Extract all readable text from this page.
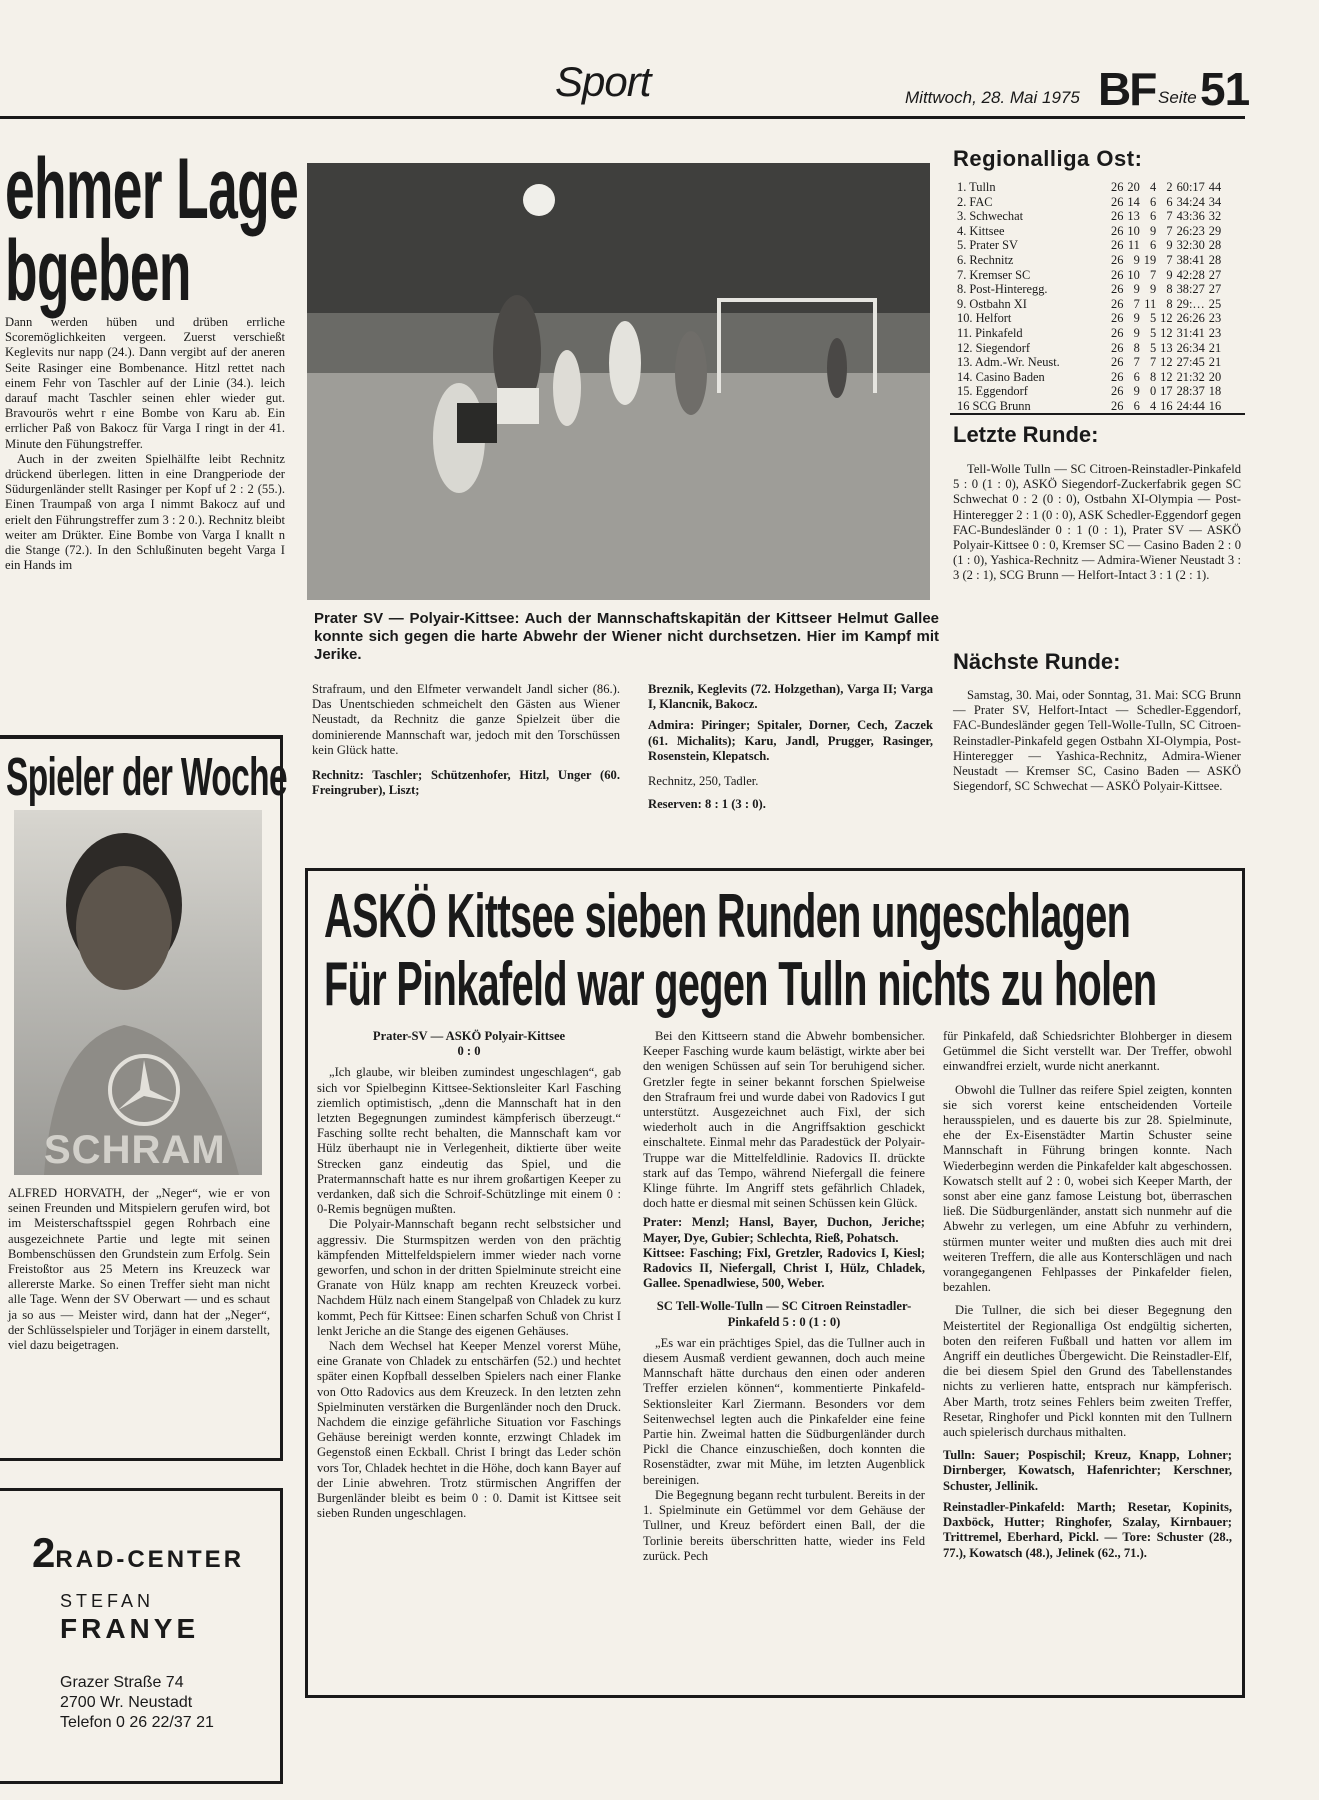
Sport	Mittwoch, 28. Mai 1975 BF Seite 51
ehmer Lage
bgeben

Dann werden hüben und drüben errliche Scoremöglichkeiten vergeen. Zuerst verschießt Keglevits nur napp (24.). Dann vergibt auf der aneren Seite Rasinger eine Bombenance. Hitzl rettet nach einem Fehr von Taschler auf der Linie (34.). leich darauf macht Taschler seinen ehler wieder gut. Bravourös wehrt r eine Bombe von Karu ab. Ein errlicher Paß von Bakocz für Varga I ringt in der 41. Minute den Fühungstreffer.

Auch in der zweiten Spielhälfte leibt Rechnitz drückend überlegen. litten in eine Drangperiode der Südurgenländer stellt Rasinger per Kopf uf 2 : 2 (55.). Einen Traumpaß von arga I nimmt Bakocz auf und erielt den Führungstreffer zum 3 : 2 0.). Rechnitz bleibt weiter am Drükter. Eine Bombe von Varga I knallt n die Stange (72.). In den Schlußinuten begeht Varga I ein Hands im

Spieler der Woche
SCHRAM
ALFRED HORVATH, der „Neger“, wie er von seinen Freunden und Mitspielern gerufen wird, bot im Meisterschaftsspiel gegen Rohrbach eine ausgezeichnete Partie und legte mit seinen Bombenschüssen den Grundstein zum Erfolg. Sein Freistoßtor aus 25 Metern ins Kreuzeck war allererste Marke. So einen Treffer sieht man nicht alle Tage. Wenn der SV Oberwart — und es schaut ja so aus — Meister wird, dann hat der „Neger“, der Schlüsselspieler und Torjäger in einem darstellt, viel dazu beigetragen.
2RAD-CENTER
STEFAN
FRANYE
Grazer Straße 74
2700 Wr. Neustadt
Telefon 0 26 22/37 21
Prater SV — Polyair-Kittsee: Auch der Mannschaftskapitän der Kittseer Helmut Gallee konnte sich gegen die harte Abwehr der Wiener nicht durchsetzen. Hier im Kampf mit Jerike.

Strafraum, und den Elfmeter verwandelt Jandl sicher (86.). Das Unentschieden schmeichelt den Gästen aus Wiener Neustadt, da Rechnitz die ganze Spielzeit über die dominierende Mannschaft war, jedoch mit den Torschüssen kein Glück hatte.

Rechnitz: Taschler; Schützenhofer, Hitzl, Unger (60. Freingruber), Liszt;

Breznik, Keglevits (72. Holzgethan), Varga II; Varga I, Klancnik, Bakocz.

Admira: Piringer; Spitaler, Dorner, Cech, Zaczek (61. Michalits); Karu, Jandl, Prugger, Rasinger, Rosenstein, Klepatsch.

Rechnitz, 250, Tadler.

Reserven: 8 : 1 (3 : 0).

Regionalliga Ost:
1. Tulln	26	20	4	2	60:17	44
2. FAC	26	14	6	6	34:24	34
3. Schwechat	26	13	6	7	43:36	32
4. Kittsee	26	10	9	7	26:23	29
5. Prater SV	26	11	6	9	32:30	28
6. Rechnitz	26	9	19	7	38:41	28
7. Kremser SC	26	10	7	9	42:28	27
8. Post-Hinteregg.	26	9	9	8	38:27	27
9. Ostbahn XI	26	7	11	8	29:…	25
10. Helfort	26	9	5	12	26:26	23
11. Pinkafeld	26	9	5	12	31:41	23
12. Siegendorf	26	8	5	13	26:34	21
13. Adm.-Wr. Neust.	26	7	7	12	27:45	21
14. Casino Baden	26	6	8	12	21:32	20
15. Eggendorf	26	9	0	17	28:37	18
16 SCG Brunn	26	6	4	16	24:44	16
Letzte Runde:
Tell-Wolle Tulln — SC Citroen-Reinstadler-Pinkafeld 5 : 0 (1 : 0), ASKÖ Siegendorf-Zuckerfabrik gegen SC Schwechat 0 : 2 (0 : 0), Ostbahn XI-Olympia — Post-Hinteregger 2 : 1 (0 : 0), ASK Schedler-Eggendorf gegen FAC-Bundesländer 0 : 1 (0 : 1), Prater SV — ASKÖ Polyair-Kittsee 0 : 0, Kremser SC — Casino Baden 2 : 0 (1 : 0), Yashica-Rechnitz — Admira-Wiener Neustadt 3 : 3 (2 : 1), SCG Brunn — Helfort-Intact 3 : 1 (2 : 1).
Nächste Runde:
Samstag, 30. Mai, oder Sonntag, 31. Mai: SCG Brunn — Prater SV, Helfort-Intact — Schedler-Eggendorf, FAC-Bundesländer gegen Tell-Wolle-Tulln, SC Citroen-Reinstadler-Pinkafeld gegen Ostbahn XI-Olympia, Post-Hinteregger — Yashica-Rechnitz, Admira-Wiener Neustadt — Kremser SC, Casino Baden — ASKÖ Siegendorf, SC Schwechat — ASKÖ Polyair-Kittsee.
ASKÖ Kittsee sieben Runden ungeschlagen
Für Pinkafeld war gegen Tulln nichts zu holen

Prater-SV — ASKÖ Polyair-Kittsee

0 : 0

„Ich glaube, wir bleiben zumindest ungeschlagen“, gab sich vor Spielbeginn Kittsee-Sektionsleiter Karl Fasching ziemlich optimistisch, „denn die Mannschaft hat in den letzten Begegnungen zumindest kämpferisch überzeugt.“ Fasching sollte recht behalten, die Mannschaft kam vor Hülz überhaupt nie in Verlegenheit, diktierte über weite Strecken ganz eindeutig das Spiel, und die Pratermannschaft hatte es nur ihrem großartigen Keeper zu verdanken, daß sich die Schroif-Schützlinge mit einem 0 : 0-Remis begnügen mußten.

Die Polyair-Mannschaft begann recht selbstsicher und aggressiv. Die Sturmspitzen werden von den prächtig kämpfenden Mittelfeldspielern immer wieder nach vorne geworfen, und schon in der dritten Spielminute streicht eine Granate von Hülz knapp am rechten Kreuzeck vorbei. Nachdem Hülz nach einem Stangelpaß von Chladek zu kurz kommt, Pech für Kittsee: Einen scharfen Schuß von Christ I lenkt Jeriche an die Stange des eigenen Gehäuses.

Nach dem Wechsel hat Keeper Menzel vorerst Mühe, eine Granate von Chladek zu entschärfen (52.) und hechtet später einen Kopfball desselben Spielers nach einer Flanke von Otto Radovics aus dem Kreuzeck. In den letzten zehn Spielminuten verstärken die Burgenländer noch den Druck. Nachdem die einzige gefährliche Situation vor Faschings Gehäuse bereinigt werden konnte, erzwingt Chladek im Gegenstoß einen Eckball. Christ I bringt das Leder schön vors Tor, Chladek hechtet in die Höhe, doch kann Bayer auf der Linie abwehren. Trotz stürmischen Angriffen der Burgenländer bleibt es beim 0 : 0. Damit ist Kittsee seit sieben Runden ungeschlagen.

Bei den Kittseern stand die Abwehr bombensicher. Keeper Fasching wurde kaum belästigt, wirkte aber bei den wenigen Schüssen auf sein Tor beruhigend sicher. Gretzler fegte in seiner bekannt forschen Spielweise den Strafraum frei und wurde dabei von Radovics I gut unterstützt. Ausgezeichnet auch Fixl, der sich wiederholt auch in die Angriffsaktion geschickt einschaltete. Einmal mehr das Paradestück der Polyair-Truppe war die Mittelfeldlinie. Radovics II. drückte stark auf das Tempo, während Niefergall die feinere Klinge führte. Im Angriff stets gefährlich Chladek, doch hatte er diesmal mit seinen Schüssen kein Glück.

Prater: Menzl; Hansl, Bayer, Duchon, Jeriche; Mayer, Dye, Gubier; Schlechta, Rieß, Pohatsch.

Kittsee: Fasching; Fixl, Gretzler, Radovics I, Kiesl; Radovics II, Niefergall, Christ I, Hülz, Chladek, Gallee. Spenadlwiese, 500, Weber.

SC Tell-Wolle-Tulln — SC Citroen Reinstadler-Pinkafeld 5 : 0 (1 : 0)

„Es war ein prächtiges Spiel, das die Tullner auch in diesem Ausmaß verdient gewannen, doch auch meine Mannschaft hätte durchaus den einen oder anderen Treffer erzielen können“, kommentierte Pinkafeld-Sektionsleiter Karl Ziermann. Besonders vor dem Seitenwechsel legten auch die Pinkafelder eine feine Partie hin. Zweimal hatten die Südburgenländer durch Pickl die Chance einzuschießen, doch konnten die Rosenstädter, zwar mit Mühe, im letzten Augenblick bereinigen.

Die Begegnung begann recht turbulent. Bereits in der 1. Spielminute ein Getümmel vor dem Gehäuse der Tullner, und Kreuz befördert einen Ball, der die Torlinie bereits überschritten hatte, wieder ins Feld zurück. Pech

für Pinkafeld, daß Schiedsrichter Blohberger in diesem Getümmel die Sicht verstellt war. Der Treffer, obwohl einwandfrei erzielt, wurde nicht anerkannt.

Obwohl die Tullner das reifere Spiel zeigten, konnten sie sich vorerst keine entscheidenden Vorteile herausspielen, und es dauerte bis zur 28. Spielminute, ehe der Ex-Eisenstädter Martin Schuster seine Mannschaft in Führung bringen konnte. Nach Wiederbeginn werden die Pinkafelder kalt abgeschossen. Kowatsch stellt auf 2 : 0, wobei sich Keeper Marth, der sonst aber eine ganz famose Leistung bot, überraschen ließ. Die Südburgenländer, anstatt sich nunmehr auf die Abwehr zu verlegen, um eine Abfuhr zu verhindern, stürmen munter weiter und mußten dies auch mit drei weiteren Treffern, die alle aus Konterschlägen und nach vorangegangenen Fehlpasses der Pinkafelder fielen, bezahlen.

Die Tullner, die sich bei dieser Begegnung den Meistertitel der Regionalliga Ost endgültig sicherten, boten den reiferen Fußball und hatten vor allem im Angriff ein deutliches Übergewicht. Die Reinstadler-Elf, die bei diesem Spiel den Grund des Tabellenstandes nichts zu verlieren hatte, entsprach nur kämpferisch. Aber Marth, trotz seines Fehlers beim zweiten Treffer, Resetar, Ringhofer und Pickl konnten mit den Tullnern auch spielerisch durchaus mithalten.

Tulln: Sauer; Pospischil; Kreuz, Knapp, Lohner; Dirnberger, Kowatsch, Hafenrichter; Kerschner, Schuster, Jellinik.

Reinstadler-Pinkafeld: Marth; Resetar, Kopinits, Daxböck, Hutter; Ringhofer, Szalay, Kirnbauer; Trittremel, Eberhard, Pickl. — Tore: Schuster (28., 77.), Kowatsch (48.), Jelinek (62., 71.).
